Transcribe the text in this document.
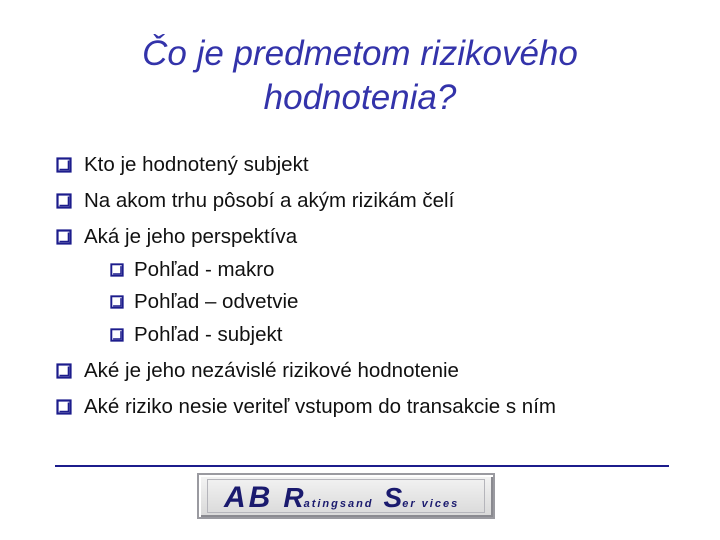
Čo je predmetom rizikového
hodnotenia?
Kto je hodnotený subjekt
Na akom trhu pôsobí a akým rizikám čelí
Aká je jeho perspektíva
Pohľad - makro
Pohľad – odvetvie
Pohľad - subjekt
Aké je jeho nezávislé rizikové hodnotenie
Aké riziko nesie veriteľ vstupom do transakcie s ním
AB R atingsand S er vices
